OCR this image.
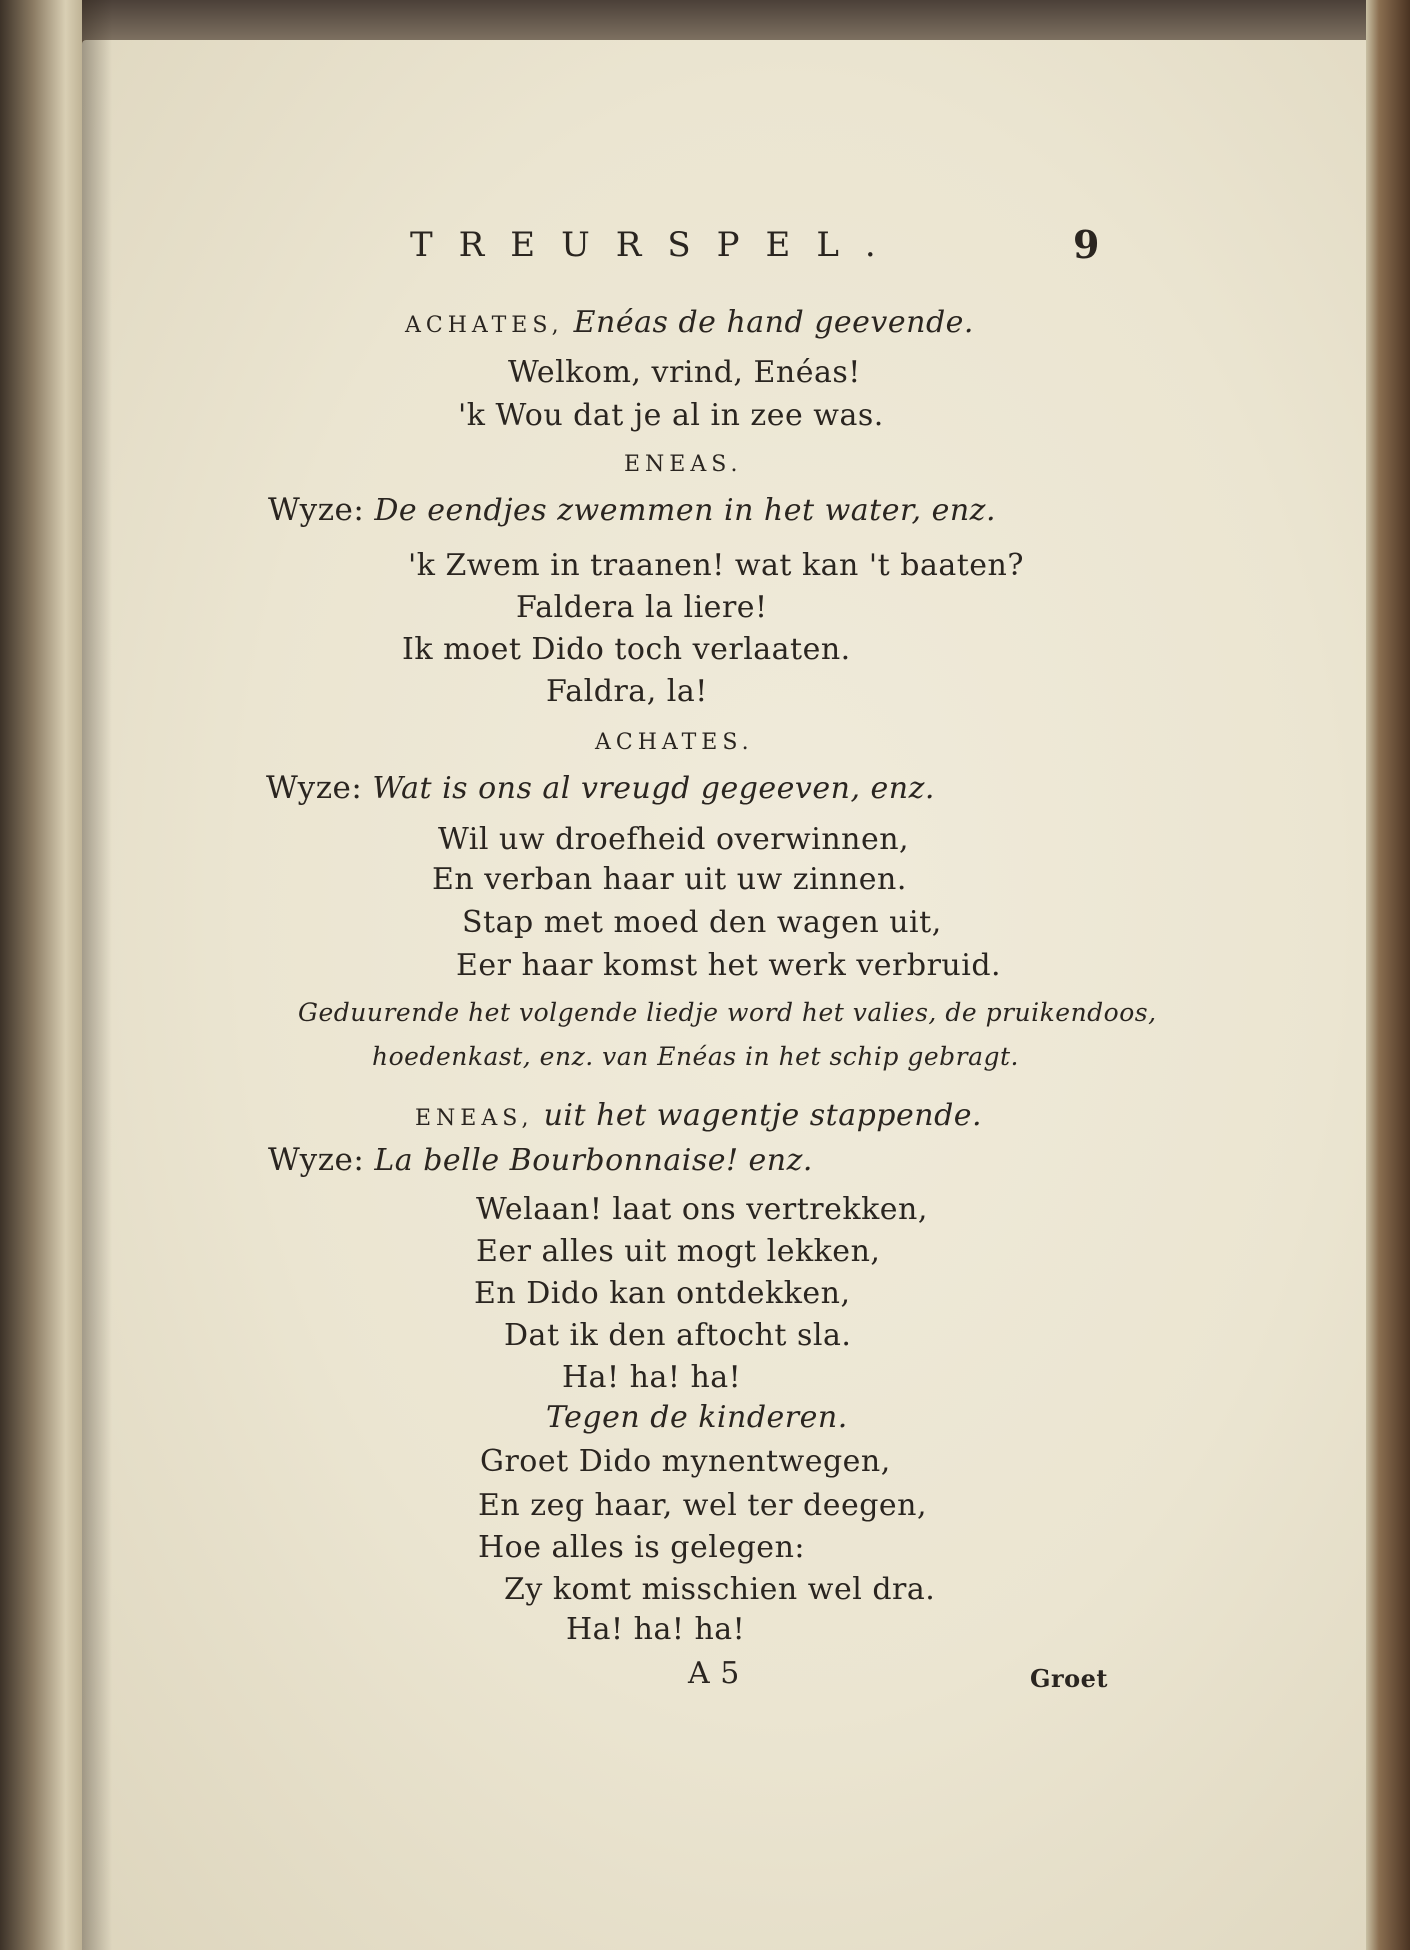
TREURSPEL.	9
ACHATES, Enéas de hand geevende.
Welkom, vrind, Enéas!
'k Wou dat je al in zee was.
ENEAS.
Wyze: De eendjes zwemmen in het water, enz.
'k Zwem in traanen! wat kan 't baaten?
Faldera la liere!
Ik moet Dido toch verlaaten.
Faldra, la!
ACHATES.
Wyze: Wat is ons al vreugd gegeeven, enz.
Wil uw droefheid overwinnen,
En verban haar uit uw zinnen.
Stap met moed den wagen uit,
Eer haar komst het werk verbruid.
Geduurende het volgende liedje word het valies, de pruikendoos,
hoedenkast, enz. van Enéas in het schip gebragt.
ENEAS, uit het wagentje stappende.
Wyze: La belle Bourbonnaise! enz.
Welaan! laat ons vertrekken,
Eer alles uit mogt lekken,
En Dido kan ontdekken,
Dat ik den aftocht sla.
Ha! ha! ha!
Tegen de kinderen.
Groet Dido mynentwegen,
En zeg haar, wel ter deegen,
Hoe alles is gelegen:
Zy komt misschien wel dra.
Ha! ha! ha!
A 5	Groet
